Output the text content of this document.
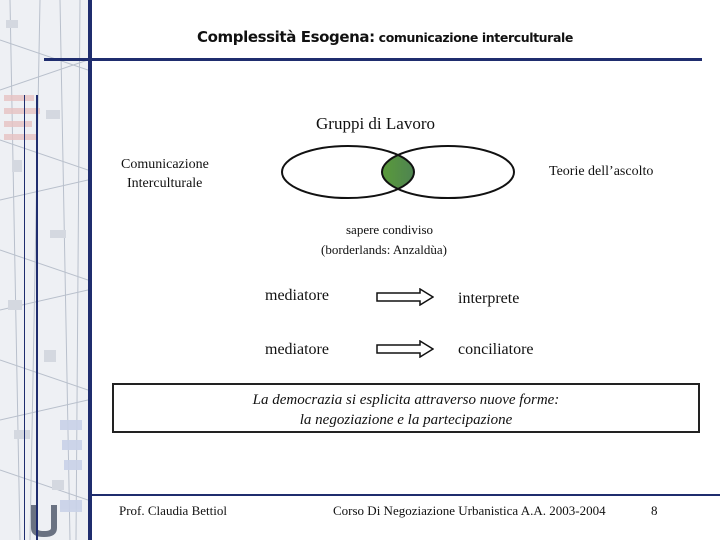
Complessità Esogena: comunicazione interculturale
Gruppi di Lavoro
Comunicazione
Interculturale
Teorie dell’ascolto
sapere condiviso
(borderlands: Anzaldùa)
mediatore	interprete
mediatore	conciliatore
La democrazia si esplicita attraverso nuove forme:
la negoziazione e la partecipazione
Prof. Claudia Bettiol	Corso Di Negoziazione Urbanistica A.A. 2003-2004	8
